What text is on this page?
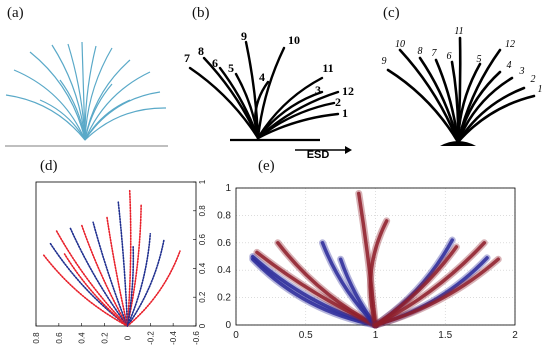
(a)	(b)	(c)
(d)	(e)
1
2
3
4
5
6
7 8
9	10
11
12
ESD
1
2
3
4
5
6
7
8
9
10
11
12
0.8 0.6 0.4 0.2 0 -0.2 -0.4 -0.6
0
0.2
0.4
0.6
0.8
1
0	0.5	1	1.5	2
0
0.2
0.4
0.6
0.8
1
